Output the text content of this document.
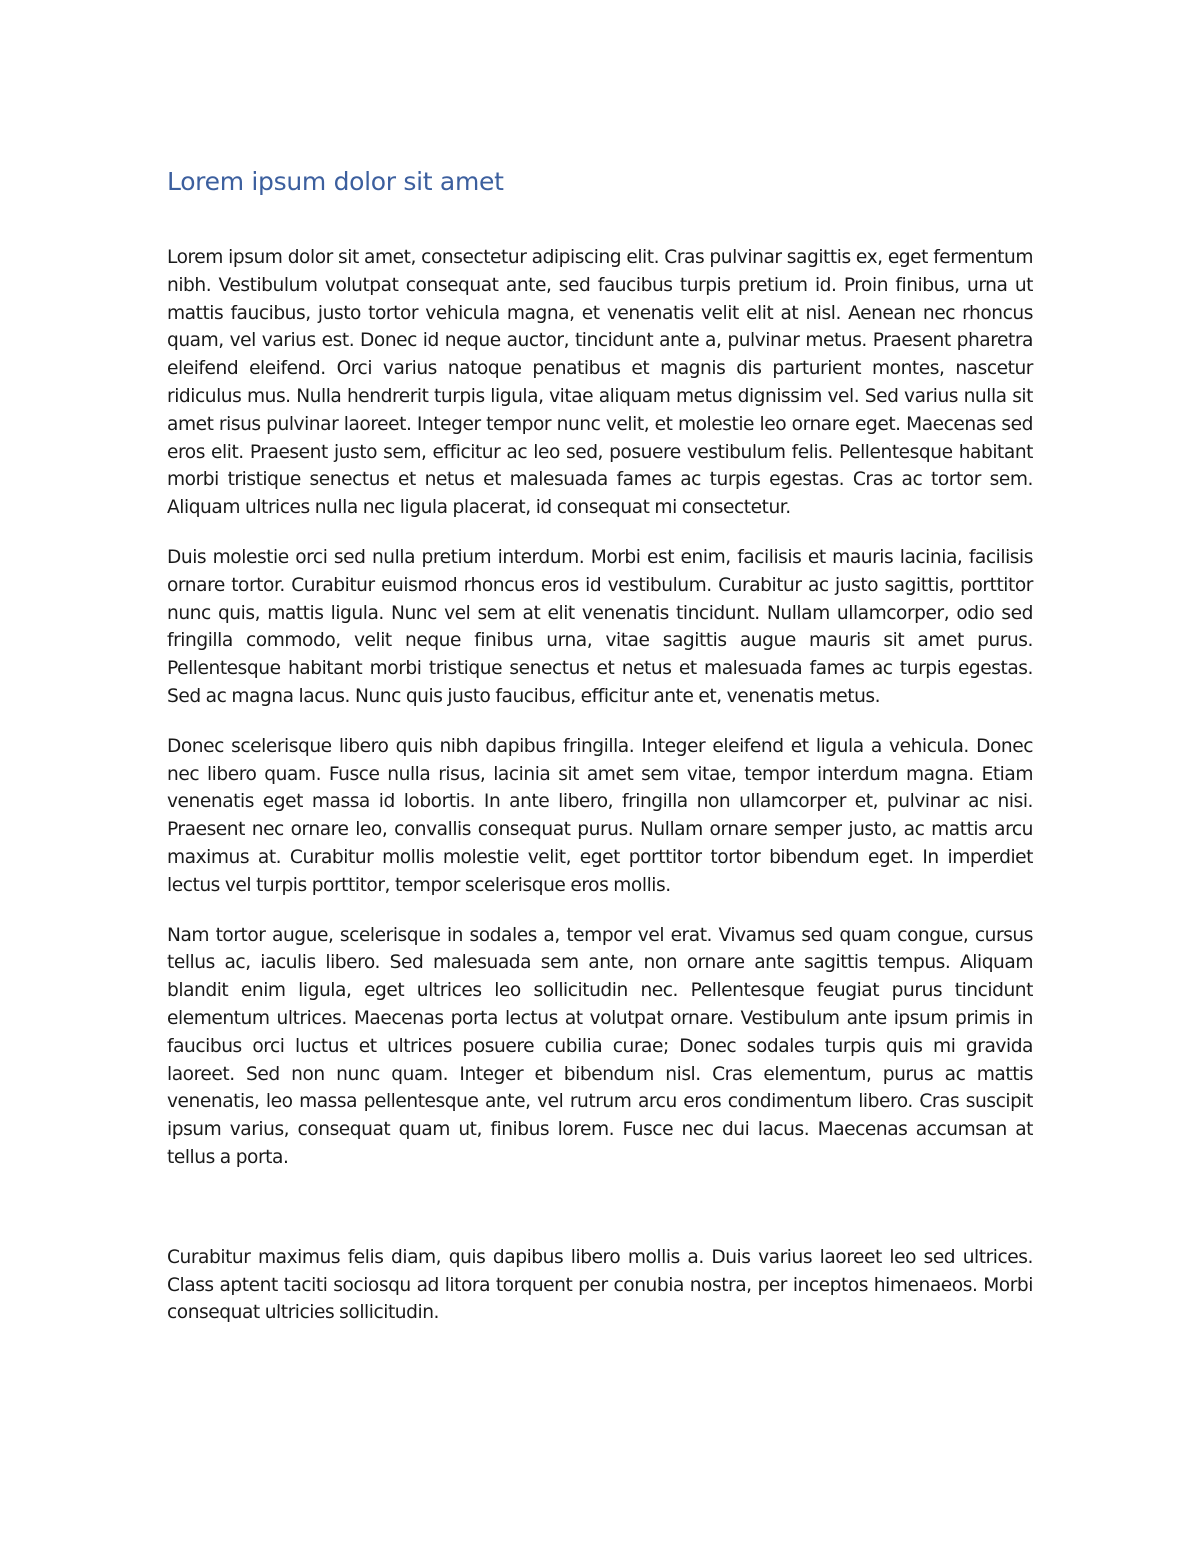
Lorem ipsum dolor sit amet

Lorem ipsum dolor sit amet, consectetur adipiscing elit. Cras pulvinar sagittis ex, eget fermentum nibh. Vestibulum volutpat consequat ante, sed faucibus turpis pretium id. Proin finibus, urna ut mattis faucibus, justo tortor vehicula magna, et venenatis velit elit at nisl. Aenean nec rhoncus quam, vel varius est. Donec id neque auctor, tincidunt ante a, pulvinar metus. Praesent pharetra eleifend eleifend. Orci varius natoque penatibus et magnis dis parturient montes, nascetur ridiculus mus. Nulla hendrerit turpis ligula, vitae aliquam metus dignissim vel. Sed varius nulla sit amet risus pulvinar laoreet. Integer tempor nunc velit, et molestie leo ornare eget. Maecenas sed eros elit. Praesent justo sem, efficitur ac leo sed, posuere vestibulum felis. Pellentesque habitant morbi tristique senectus et netus et malesuada fames ac turpis egestas. Cras ac tortor sem. Aliquam ultrices nulla nec ligula placerat, id consequat mi consectetur.

Duis molestie orci sed nulla pretium interdum. Morbi est enim, facilisis et mauris lacinia, facilisis ornare tortor. Curabitur euismod rhoncus eros id vestibulum. Curabitur ac justo sagittis, porttitor nunc quis, mattis ligula. Nunc vel sem at elit venenatis tincidunt. Nullam ullamcorper, odio sed fringilla commodo, velit neque finibus urna, vitae sagittis augue mauris sit amet purus. Pellentesque habitant morbi tristique senectus et netus et malesuada fames ac turpis egestas. Sed ac magna lacus. Nunc quis justo faucibus, efficitur ante et, venenatis metus.

Donec scelerisque libero quis nibh dapibus fringilla. Integer eleifend et ligula a vehicula. Donec nec libero quam. Fusce nulla risus, lacinia sit amet sem vitae, tempor interdum magna. Etiam venenatis eget massa id lobortis. In ante libero, fringilla non ullamcorper et, pulvinar ac nisi. Praesent nec ornare leo, convallis consequat purus. Nullam ornare semper justo, ac mattis arcu maximus at. Curabitur mollis molestie velit, eget porttitor tortor bibendum eget. In imperdiet lectus vel turpis porttitor, tempor scelerisque eros mollis.

Nam tortor augue, scelerisque in sodales a, tempor vel erat. Vivamus sed quam congue, cursus tellus ac, iaculis libero. Sed malesuada sem ante, non ornare ante sagittis tempus. Aliquam blandit enim ligula, eget ultrices leo sollicitudin nec. Pellentesque feugiat purus tincidunt elementum ultrices. Maecenas porta lectus at volutpat ornare. Vestibulum ante ipsum primis in faucibus orci luctus et ultrices posuere cubilia curae; Donec sodales turpis quis mi gravida laoreet. Sed non nunc quam. Integer et bibendum nisl. Cras elementum, purus ac mattis venenatis, leo massa pellentesque ante, vel rutrum arcu eros condimentum libero. Cras suscipit ipsum varius, consequat quam ut, finibus lorem. Fusce nec dui lacus. Maecenas accumsan at tellus a porta.

Curabitur maximus felis diam, quis dapibus libero mollis a. Duis varius laoreet leo sed ultrices. Class aptent taciti sociosqu ad litora torquent per conubia nostra, per inceptos himenaeos. Morbi consequat ultricies sollicitudin.
